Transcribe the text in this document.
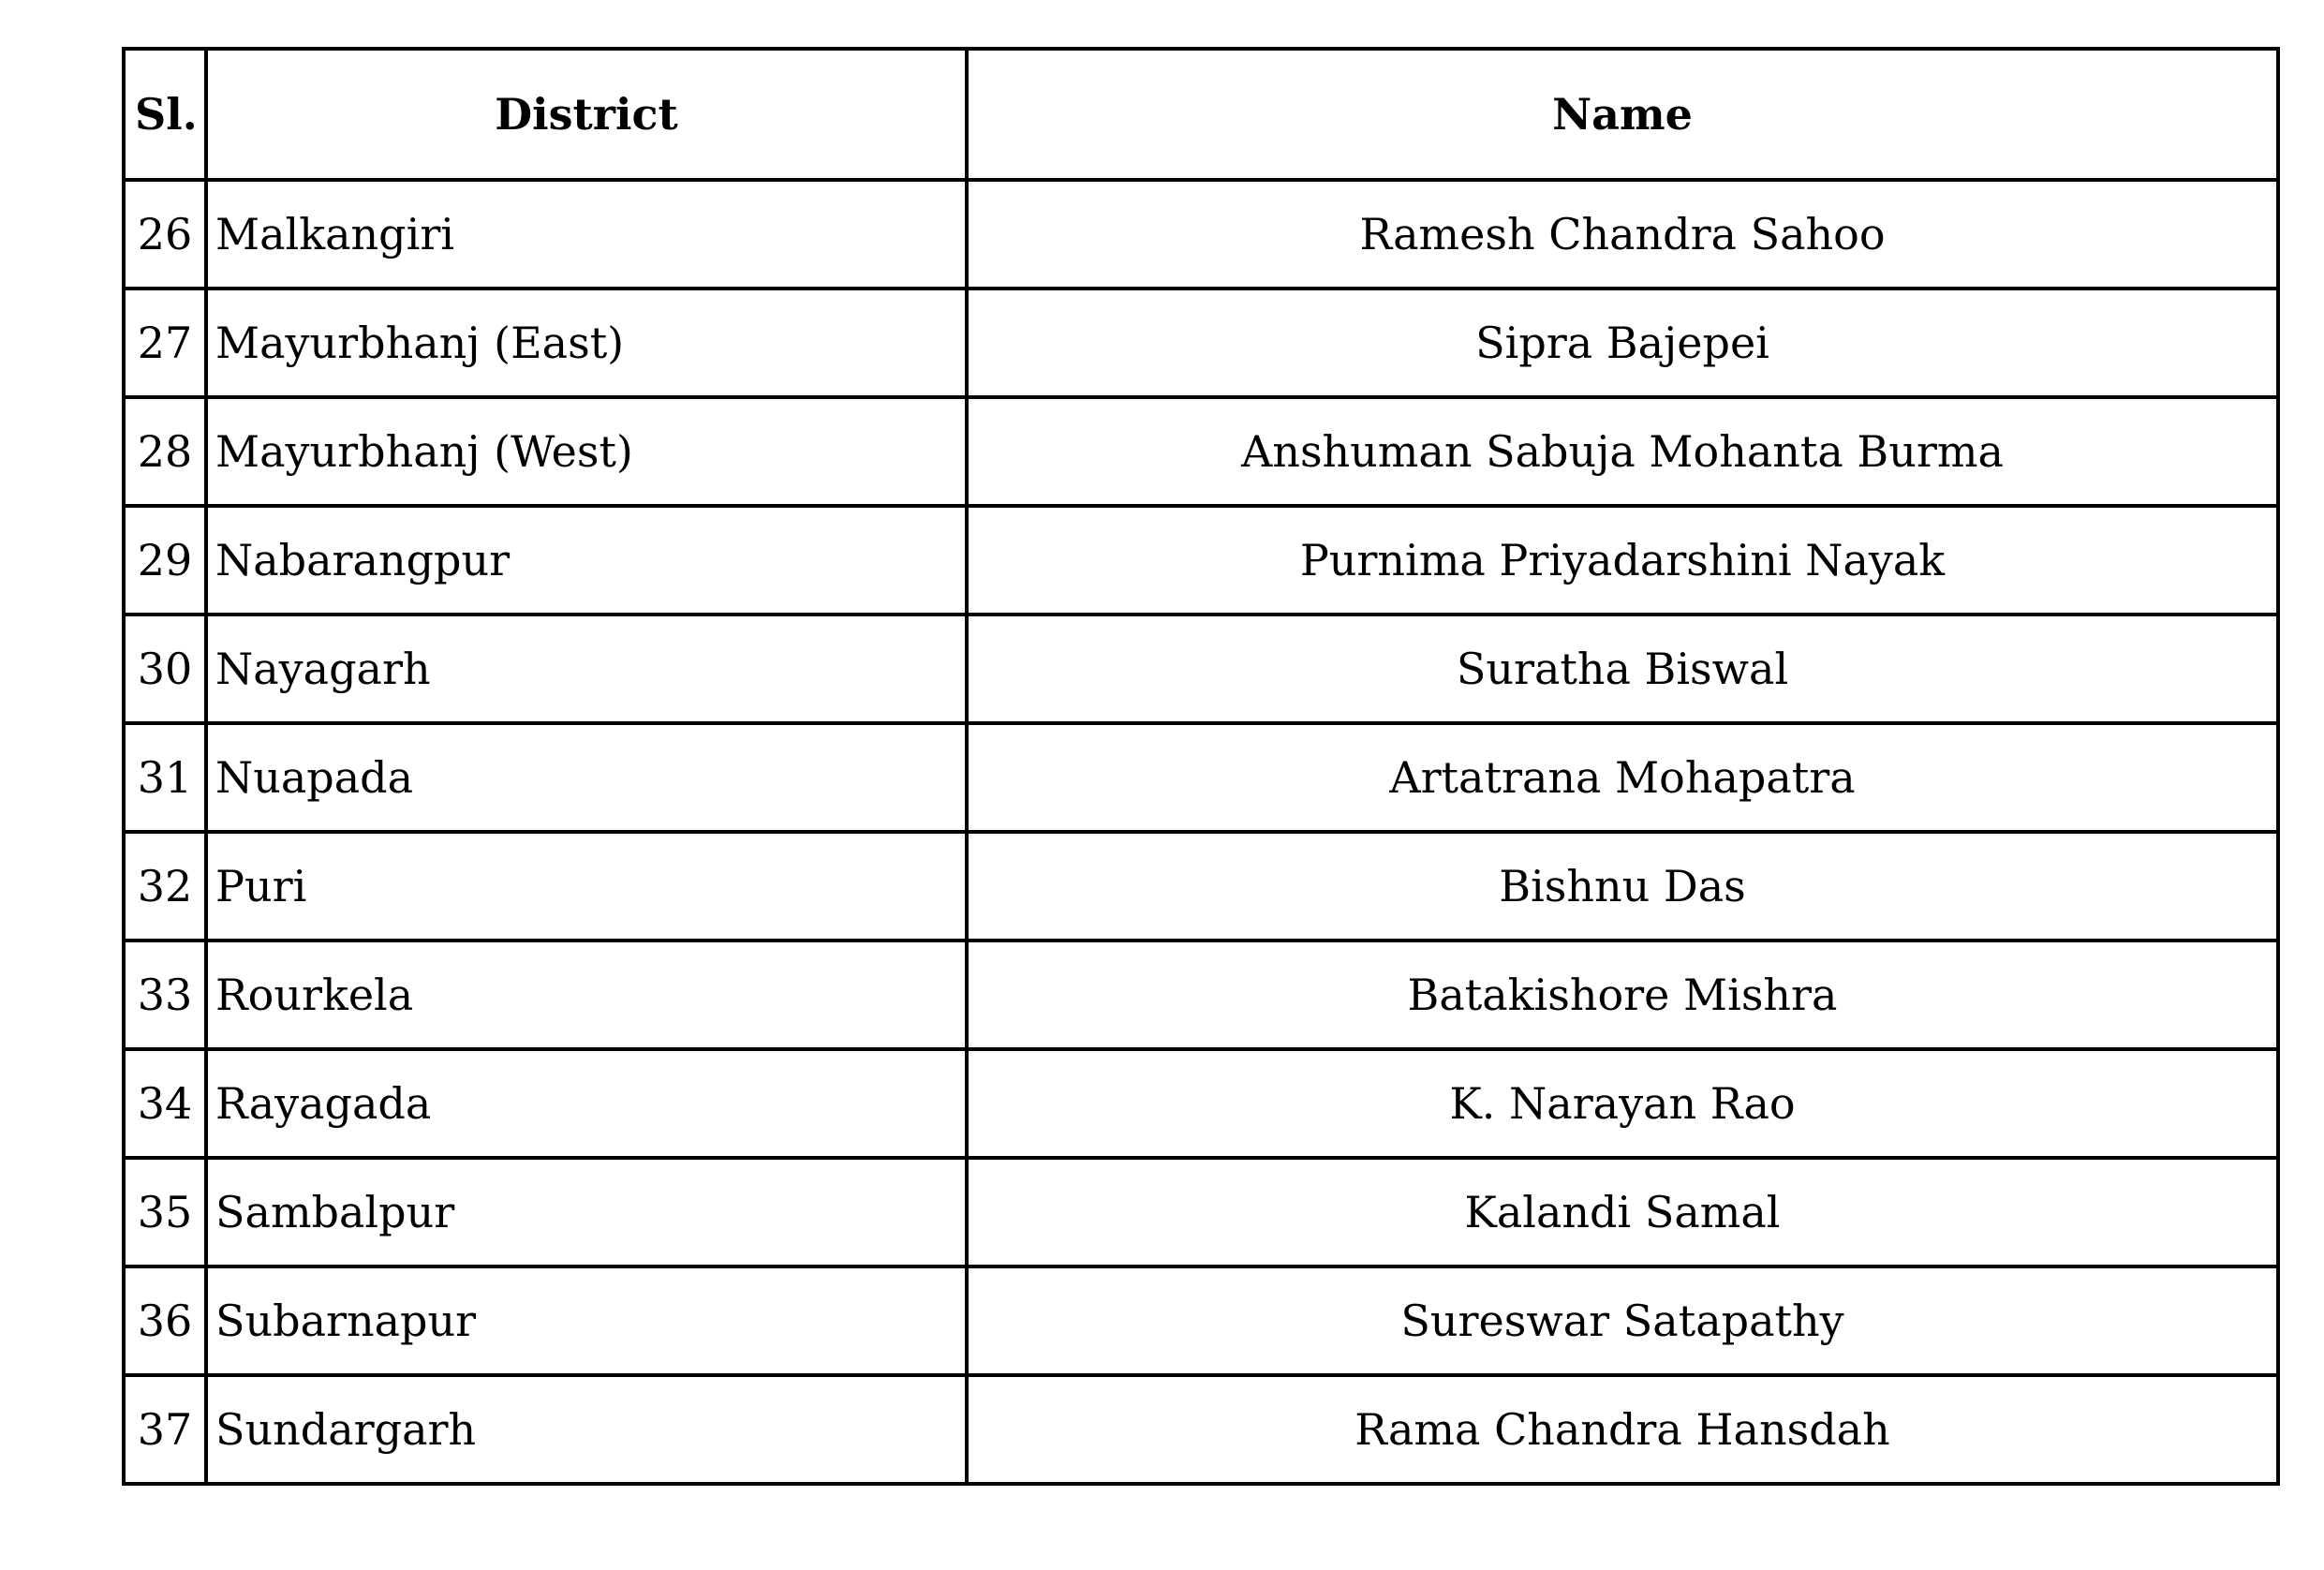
Sl.	District	Name
26	Malkangiri	Ramesh Chandra Sahoo
27	Mayurbhanj (East)	Sipra Bajepei
28	Mayurbhanj (West)	Anshuman Sabuja Mohanta Burma
29	Nabarangpur	Purnima Priyadarshini Nayak
30	Nayagarh	Suratha Biswal
31	Nuapada	Artatrana Mohapatra
32	Puri	Bishnu Das
33	Rourkela	Batakishore Mishra
34	Rayagada	K. Narayan Rao
35	Sambalpur	Kalandi Samal
36	Subarnapur	Sureswar Satapathy
37	Sundargarh	Rama Chandra Hansdah
